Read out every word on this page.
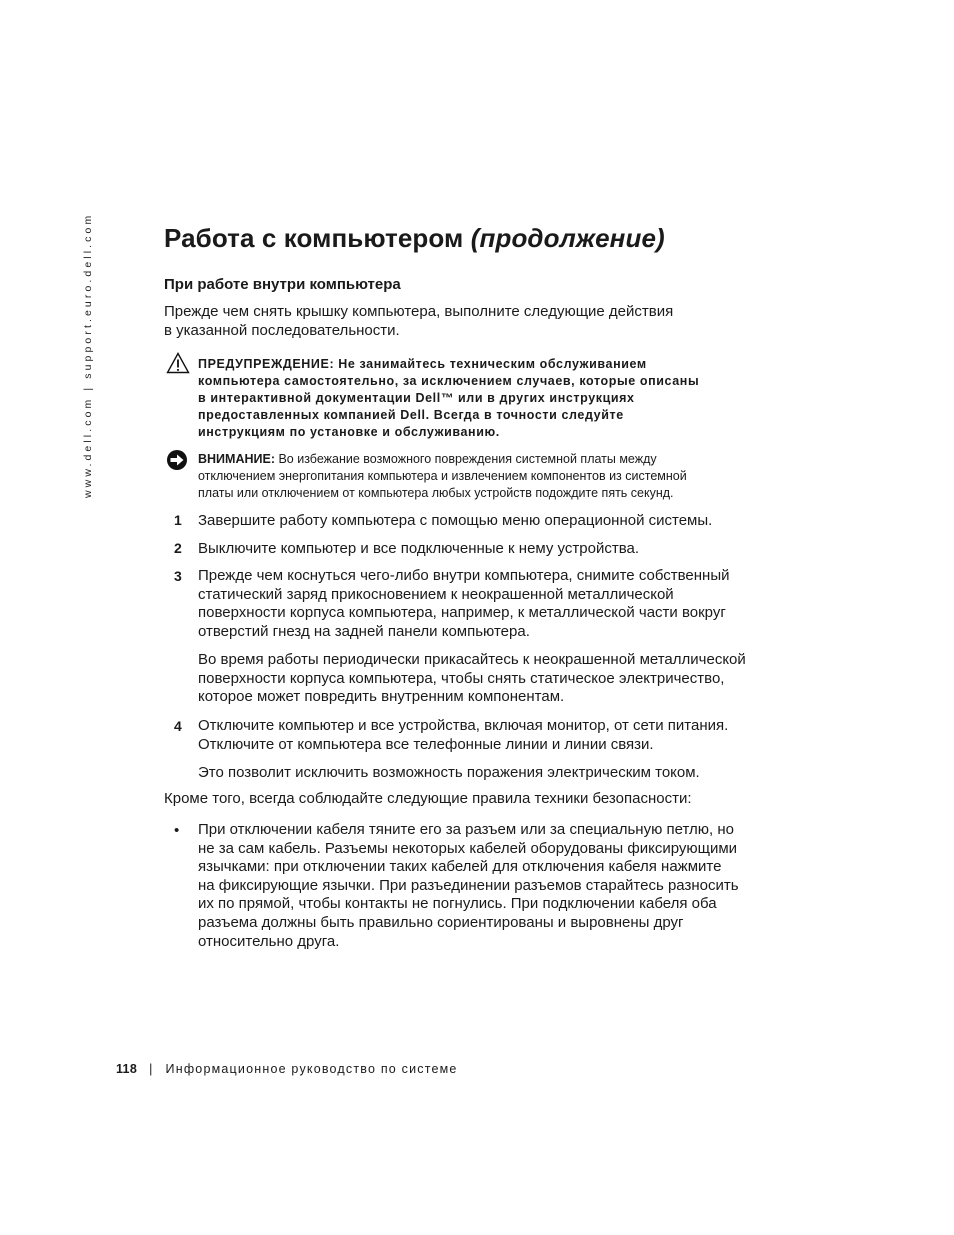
www.dell.com | support.euro.dell.com	Работа с компьютером (продолжение)
При работе внутри компьютера

Прежде чем снять крышку компьютера, выполните следующие действия
в указанной последовательности.

ПРЕДУПРЕЖДЕНИЕ: Не занимайтесь техническим обслуживанием
компьютера самостоятельно, за исключением случаев, которые описаны
в интерактивной документации Dell™ или в других инструкциях
предоставленных компанией Dell. Всегда в точности следуйте
инструкциям по установке и обслуживанию.

ВНИМАНИЕ: Во избежание возможного повреждения системной платы между
отключением энергопитания компьютера и извлечением компонентов из системной
платы или отключением от компьютера любых устройств подождите пять секунд.

1 Завершите работу компьютера с помощью меню операционной системы.

2 Выключите компьютер и все подключенные к нему устройства.

3 Прежде чем коснуться чего-либо внутри компьютера, снимите собственный
статический заряд прикосновением к неокрашенной металлической
поверхности корпуса компьютера, например, к металлической части вокруг
отверстий гнезд на задней панели компьютера.

Во время работы периодически прикасайтесь к неокрашенной металлической
поверхности корпуса компьютера, чтобы снять статическое электричество,
которое может повредить внутренним компонентам.

4 Отключите компьютер и все устройства, включая монитор, от сети питания.
Отключите от компьютера все телефонные линии и линии связи.

Это позволит исключить возможность поражения электрическим током.

Кроме того, всегда соблюдайте следующие правила техники безопасности:

• При отключении кабеля тяните его за разъем или за специальную петлю, но
не за сам кабель. Разъемы некоторых кабелей оборудованы фиксирующими
язычками: при отключении таких кабелей для отключения кабеля нажмите
на фиксирующие язычки. При разъединении разъемов старайтесь разносить
их по прямой, чтобы контакты не погнулись. При подключении кабеля оба
разъема должны быть правильно сориентированы и выровнены друг
относительно друга.

118 | Информационное руководство по системе
